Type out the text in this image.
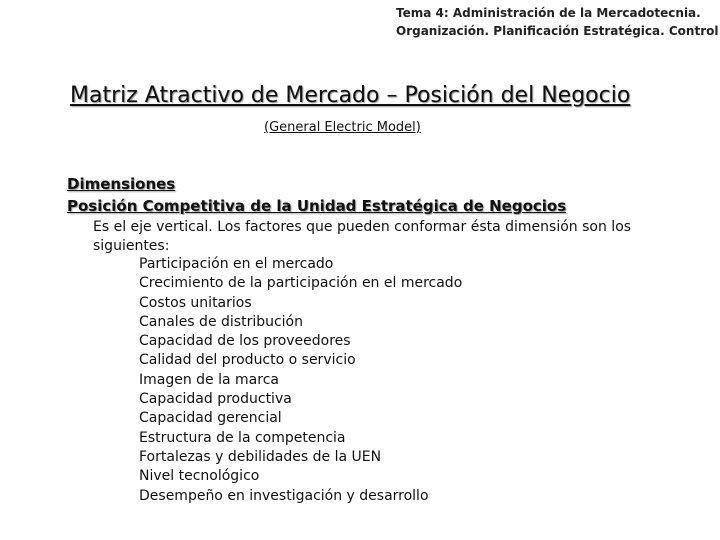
Tema 4: Administración de la Mercadotecnia.
Organización. Planificación Estratégica. Control
Matriz Atractivo de Mercado – Posición del Negocio
(General Electric Model)
Dimensiones
Posición Competitiva de la Unidad Estratégica de Negocios
Es el eje vertical. Los factores que pueden conformar ésta dimensión son los siguientes:
Participación en el mercado
Crecimiento de la participación en el mercado
Costos unitarios
Canales de distribución
Capacidad de los proveedores
Calidad del producto o servicio
Imagen de la marca
Capacidad productiva
Capacidad gerencial
Estructura de la competencia
Fortalezas y debilidades de la UEN
Nivel tecnológico
Desempeño en investigación y desarrollo
